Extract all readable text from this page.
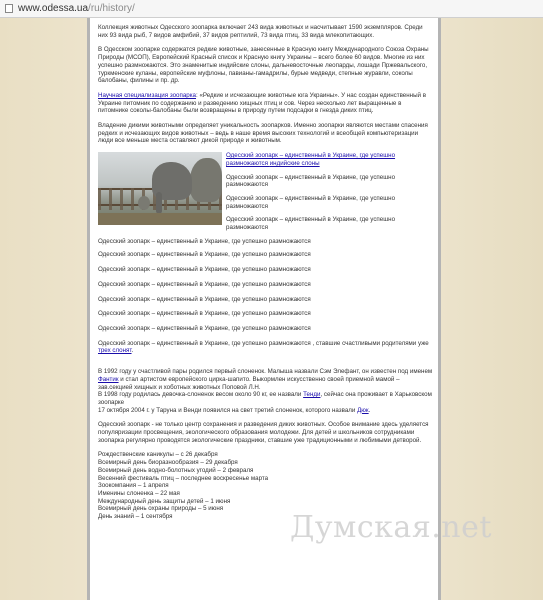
www.odessa.ua/ru/history/

Коллекция животных Одесского зоопарка включает 243 вида животных и насчитывает 1590 экземпляров. Среди них 93 вида рыб, 7 видов амфибий, 37 видов рептилий, 73 вида птиц, 33 вида млекопитающих.

В Одесском зоопарке содержатся редкие животные, занесенные в Красную книгу Международного Союза Охраны Природы (МСОП), Европейский Красный список и Красную книгу Украины – всего более 60 видов. Многие из них успешно размножаются. Это знаменитые индийские слоны, дальневосточные леопарды, лошади Пржевальского, туркменские куланы, европейские муфлоны, павианы-гамадрилы, бурые медведи, степные журавли, соколы балобаны, филины и пр. др.

Научная специализация зоопарка: «Редкие и исчезающие животные юга Украины». У нас создан единственный в Украине питомник по содержанию и разведению хищных птиц и сов. Через несколько лет выращенные в питомнике соколы-балобаны были возвращены в природу путем подсадки в гнезда диких птиц.

Владение дикими животными определяет уникальность зоопарков. Именно зоопарки являются местами спасения редких и исчезающих видов животных – ведь в наше время высоких технологий и всеобщей компьютеризации люди все меньше места оставляют дикой природе и животным.

Одесский зоопарк – единственный в Украине, где успешно размножаются индийские слоны
Одесский зоопарк – единственный в Украине, где успешно размножаются
Одесский зоопарк – единственный в Украине, где успешно размножаются
Одесский зоопарк – единственный в Украине, где успешно размножаются
Одесский зоопарк – единственный в Украине, где успешно размножаются

Одесский зоопарк – единственный в Украине, где успешно размножаются

Одесский зоопарк – единственный в Украине, где успешно размножаются

Одесский зоопарк – единственный в Украине, где успешно размножаются

Одесский зоопарк – единственный в Украине, где успешно размножаются

Одесский зоопарк – единственный в Украине, где успешно размножаются

Одесский зоопарк – единственный в Украине, где успешно размножаются

Одесский зоопарк – единственный в Украине, где успешно размножаются , ставшие счастливыми родителями уже трех слонят.

В 1992 году у счастливой пары родился первый слоненок. Малыша назвали Сэм Элефант, он известен под именем Фантик и стал артистом европейского цирка-шапито. Выкормлен искусственно своей приемной мамой – зав.секцией хищных и хоботных животных Поповой Л.Н.
В 1998 году родилась девочка-слоненок весом около 90 кг, ее назвали Тенди, сейчас она проживает в Харьковском зоопарке
17 октября 2004 г. у Таруна и Венди появился на свет третий слоненок, которого назвали Дюк.

Одесский зоопарк - не только центр сохранения и разведения диких животных. Особое внимание здесь уделяется популяризации просвещения, экологического образования молодежи. Для детей и школьников сотрудниками зоопарка регулярно проводятся экологические праздники, ставшие уже традиционными и любимыми детворой.

Рождественские каникулы – с 26 декабря
Всемирный день биоразнообразия – 29 декабря
Всемирный день водно-болотных угодий – 2 февраля
Весенний фестиваль птиц – последнее воскресенье марта
Зоокомпания – 1 апреля
Именины слоненка – 22 мая
Международный день защиты детей – 1 июня
Всемирный день охраны природы – 5 июня
День знаний – 1 сентября	Думская.net
